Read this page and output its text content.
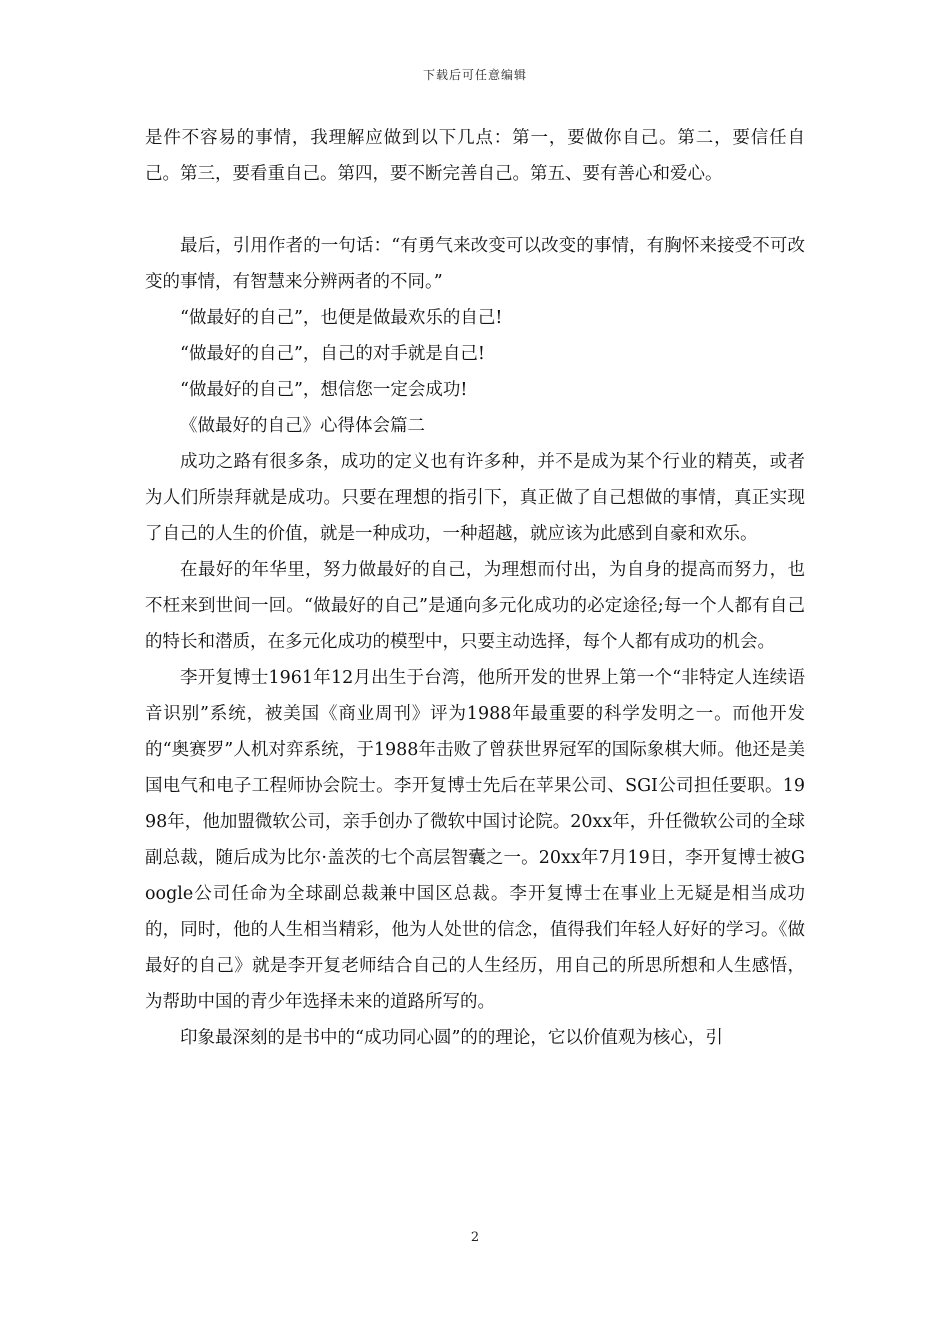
下载后可任意编辑

是件不容易的事情，我理解应做到以下几点：第一，要做你自己。第二，要信任自己。第三，要看重自己。第四，要不断完善自己。第五、要有善心和爱心。

最后，引用作者的一句话：“有勇气来改变可以改变的事情，有胸怀来接受不可改变的事情，有智慧来分辨两者的不同。”

“做最好的自己”，也便是做最欢乐的自己!

“做最好的自己”，自己的对手就是自己!

“做最好的自己”，想信您一定会成功!

《做最好的自己》心得体会篇二

成功之路有很多条，成功的定义也有许多种，并不是成为某个行业的精英，或者为人们所崇拜就是成功。只要在理想的指引下，真正做了自己想做的事情，真正实现了自己的人生的价值，就是一种成功，一种超越，就应该为此感到自豪和欢乐。

在最好的年华里，努力做最好的自己，为理想而付出，为自身的提高而努力，也不枉来到世间一回。“做最好的自己”是通向多元化成功的必定途径;每一个人都有自己的特长和潜质，在多元化成功的模型中，只要主动选择，每个人都有成功的机会。

李开复博士1961年12月出生于台湾，他所开发的世界上第一个“非特定人连续语音识别”系统，被美国《商业周刊》评为1988年最重要的科学发明之一。而他开发的“奥赛罗”人机对弈系统，于1988年击败了曾获世界冠军的国际象棋大师。他还是美国电气和电子工程师协会院士。李开复博士先后在苹果公司、SGI公司担任要职。1998年，他加盟微软公司，亲手创办了微软中国讨论院。20xx年，升任微软公司的全球副总裁，随后成为比尔·盖茨的七个高层智囊之一。20xx年7月19日，李开复博士被Google公司任命为全球副总裁兼中国区总裁。李开复博士在事业上无疑是相当成功的，同时，他的人生相当精彩，他为人处世的信念，值得我们年轻人好好的学习。《做最好的自己》就是李开复老师结合自己的人生经历，用自己的所思所想和人生感悟，为帮助中国的青少年选择未来的道路所写的。

印象最深刻的是书中的“成功同心圆”的的理论，它以价值观为核心，引

2
